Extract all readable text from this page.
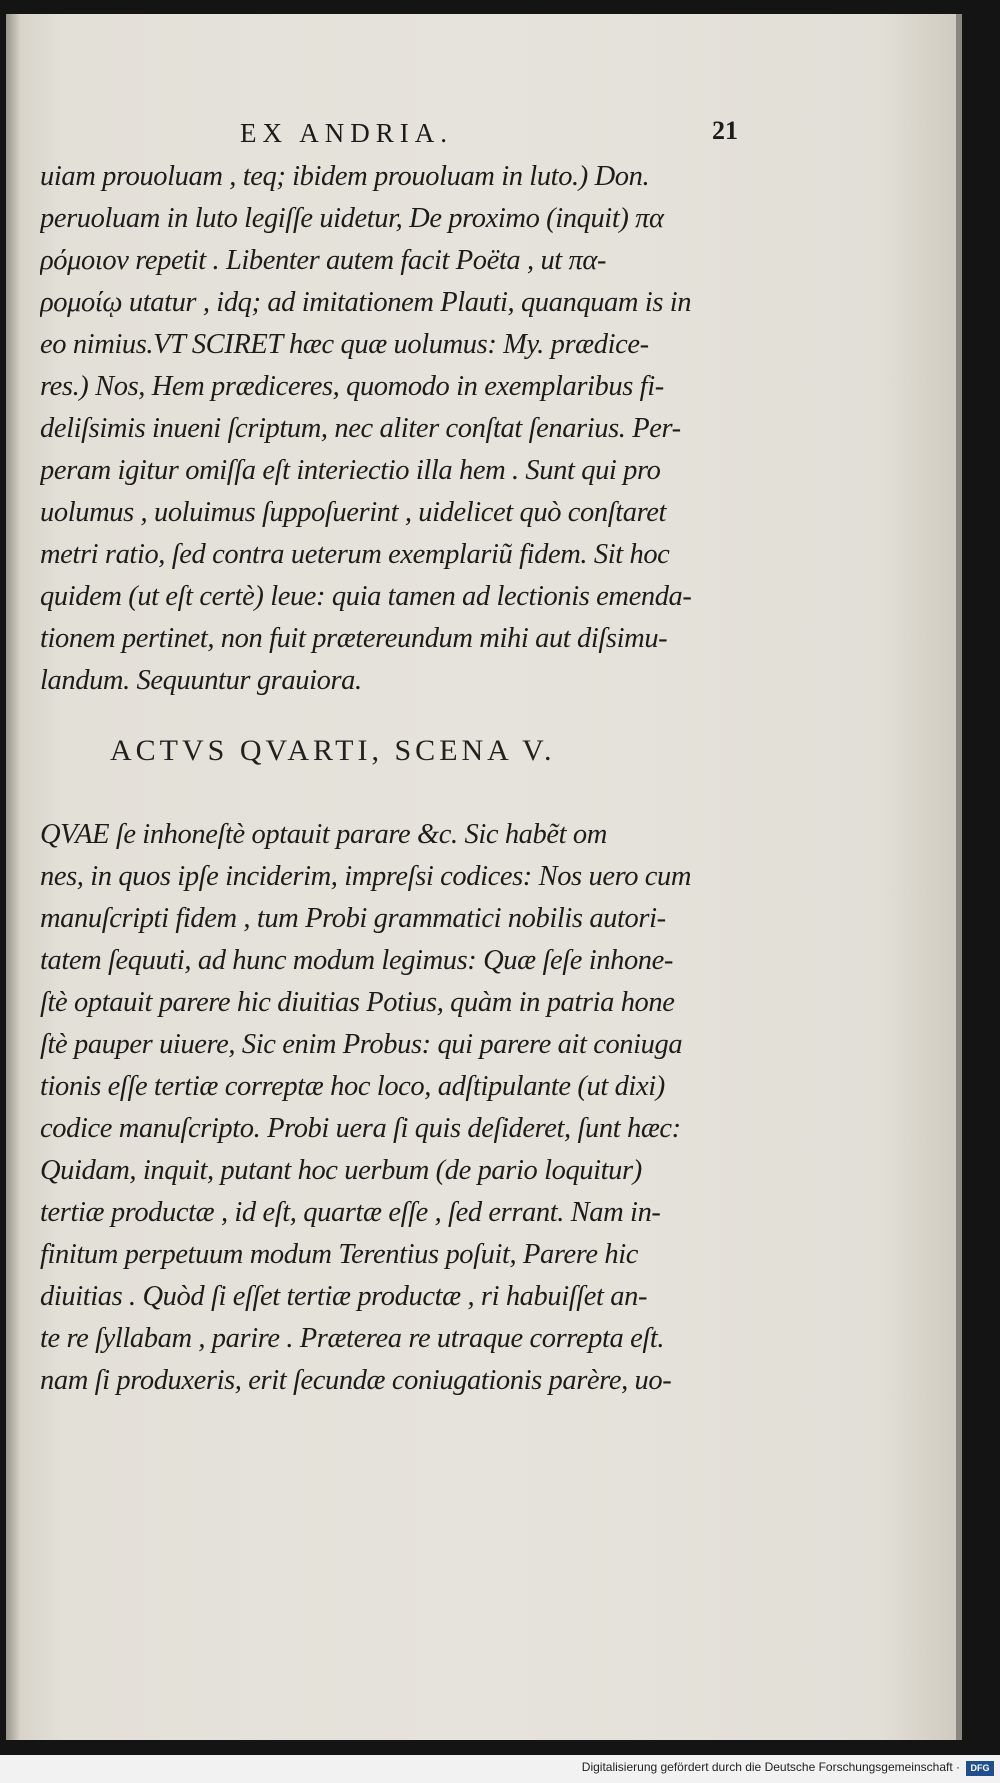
EX ANDRIA.	21
uiam prouoluam , teq; ibidem prouoluam in luto.) Don.
peruoluam in luto legiſſe uidetur, De proximo (inquit) πα
ρόμοιον repetit . Libenter autem facit Poëta , ut πα-
ρομοίῳ utatur , idq; ad imitationem Plauti, quanquam is in
eo nimius.VT SCIRET hæc quæ uolumus: My. prædice-
res.) Nos, Hem prædiceres, quomodo in exemplaribus fi-
deliſsimis inueni ſcriptum, nec aliter conſtat ſenarius. Per-
peram igitur omiſſa eſt interiectio illa hem . Sunt qui pro
uolumus , uoluimus ſuppoſuerint , uidelicet quò conſtaret
metri ratio, ſed contra ueterum exemplariũ fidem. Sit hoc
quidem (ut eſt certè) leue: quia tamen ad lectionis emenda-
tionem pertinet, non fuit prætereundum mihi aut diſsimu-
landum. Sequuntur grauiora.
ACTVS QVARTI, SCENA V.
QVAE ſe inhoneſtè optauit parare &c. Sic habẽt om
nes, in quos ipſe inciderim, impreſsi codices: Nos uero cum
manuſcripti fidem , tum Probi grammatici nobilis autori-
tatem ſequuti, ad hunc modum legimus: Quæ ſeſe inhone-
ſtè optauit parere hic diuitias Potius, quàm in patria hone
ſtè pauper uiuere, Sic enim Probus: qui parere ait coniuga
tionis eſſe tertiæ correptæ hoc loco, adſtipulante (ut dixi)
codice manuſcripto. Probi uera ſi quis deſideret, ſunt hæc:
Quidam, inquit, putant hoc uerbum (de pario loquitur)
tertiæ productæ , id eſt, quartæ eſſe , ſed errant. Nam in-
finitum perpetuum modum Terentius poſuit, Parere hic
diuitias . Quòd ſi eſſet tertiæ productæ , ri habuiſſet an-
te re ſyllabam , parire . Præterea re utraque correpta eſt.
nam ſi produxeris, erit ſecundæ coniugationis parère, uo-
Digitalisierung gefördert durch die Deutsche Forschungsgemeinschaft ·	DFG
